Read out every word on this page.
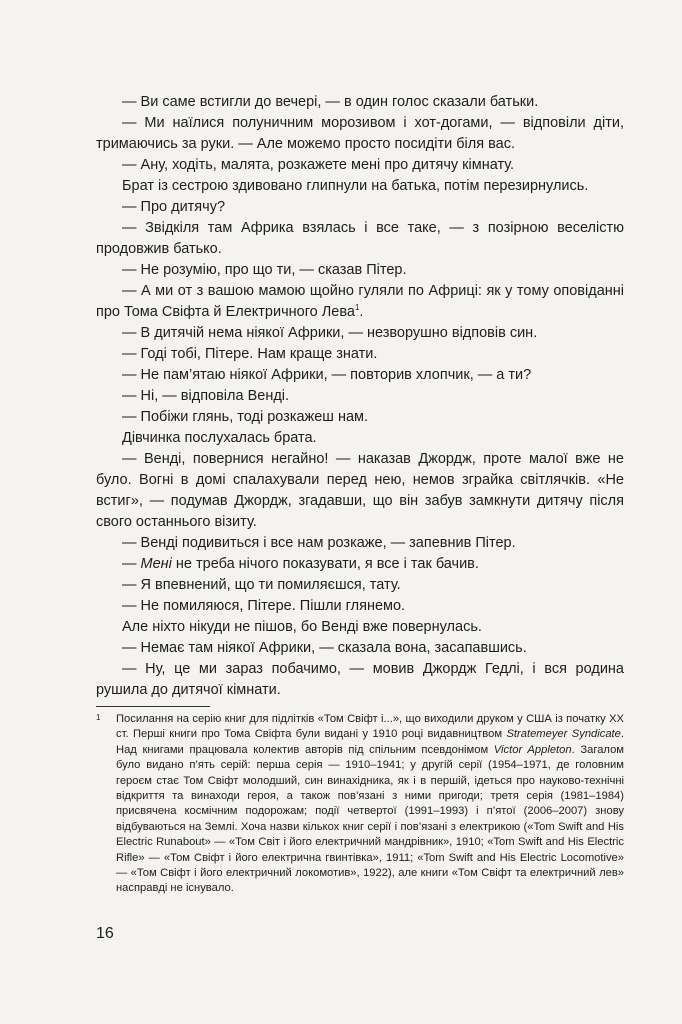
— Ви саме встигли до вечері, — в один голос сказали батьки.

— Ми наїлися полуничним морозивом і хот-догами, — відповіли діти, тримаючись за руки. — Але можемо просто посидіти біля вас.

— Ану, ходіть, малята, розкажете мені про дитячу кімнату.

Брат із сестрою здивовано глипнули на батька, потім перезирнулись.

— Про дитячу?

— Звідкіля там Африка взялась і все таке, — з позірною веселістю продовжив батько.

— Не розумію, про що ти, — сказав Пітер.

— А ми от з вашою мамою щойно гуляли по Африці: як у тому оповіданні про Тома Свіфта й Електричного Лева$^1$.

— В дитячій нема ніякої Африки, — незворушно відповів син.

— Годі тобі, Пітере. Нам краще знати.

— Не пам’ятаю ніякої Африки, — повторив хлопчик, — а ти?

— Ні, — відповіла Венді.

— Побіжи глянь, тоді розкажеш нам.

Дівчинка послухалась брата.

— Венді, повернися негайно! — наказав Джордж, проте малої вже не було. Вогні в домі спалахували перед нею, немов зграйка світлячків. «Не встиг», — подумав Джордж, згадавши, що він забув замкнути дитячу після свого останнього візиту.

— Венді подивиться і все нам розкаже, — запевнив Пітер.

— Мені не треба нічого показувати, я все і так бачив.

— Я впевнений, що ти помиляєшся, тату.

— Не помиляюся, Пітере. Пішли глянемо.

Але ніхто нікуди не пішов, бо Венді вже повернулась.

— Немає там ніякої Африки, — сказала вона, засапавшись.

— Ну, це ми зараз побачимо, — мовив Джордж Гедлі, і вся родина рушила до дитячої кімнати.

1 Посилання на серію книг для підлітків «Том Свіфт і...», що виходили друком у США із початку XX ст. Перші книги про Тома Свіфта були видані у 1910 році видавництвом Stratemeyer Syndicate. Над книгами працювала колектив авторів під спільним псевдонімом Victor Appleton. Загалом було видано п’ять серій: перша серія — 1910–1941; у другій серії (1954–1971, де головним героєм стає Том Свіфт молодший, син винахідника, як і в першій, ідеться про науково-технічні відкриття та винаходи героя, а також пов’язані з ними пригоди; третя серія (1981–1984) присвячена космічним подорожам; події четвертої (1991–1993) і п’ятої (2006–2007) знову відбуваються на Землі. Хоча назви кількох книг серії і пов’язані з електрикою («Tom Swift and His Electric Runabout» — «Том Світ і його електричний мандрівник», 1910; «Tom Swift and His Electric Rifle» — «Том Свіфт і його електрична гвинтівка», 1911; «Tom Swift and His Electric Locomotive» — «Том Свіфт і його електричний локомотив», 1922), але книги «Том Свіфт та електричний лев» насправді не існувало.

16
